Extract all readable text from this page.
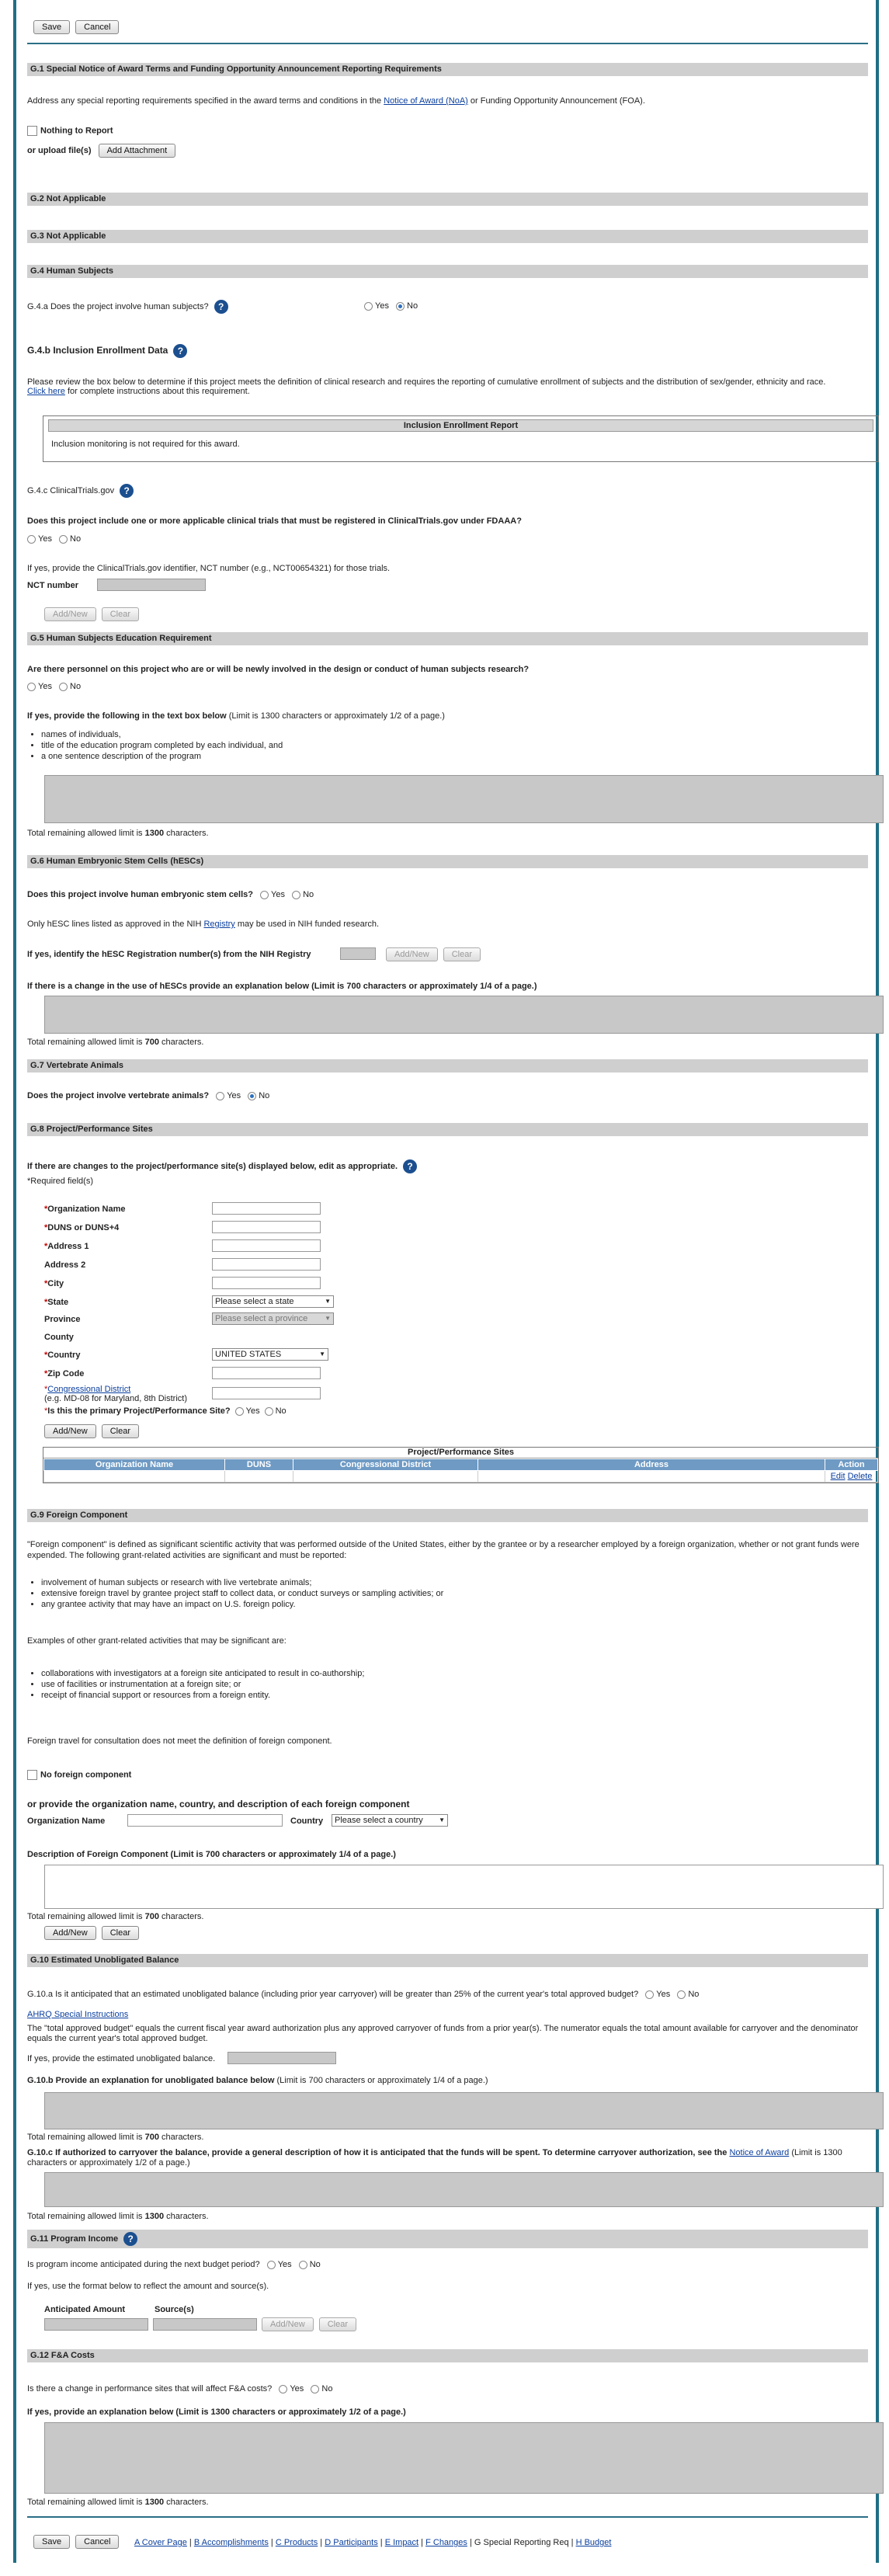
Save	Cancel
G.1 Special Notice of Award Terms and Funding Opportunity Announcement Reporting Requirements
Address any special reporting requirements specified in the award terms and conditions in the Notice of Award (NoA) or Funding Opportunity Announcement (FOA).
Nothing to Report
or upload file(s) Add Attachment
G.2 Not Applicable
G.3 Not Applicable
G.4 Human Subjects
G.4.a Does the project involve human subjects? ?	Yes No
G.4.b Inclusion Enrollment Data ?
Please review the box below to determine if this project meets the definition of clinical research and requires the reporting of cumulative enrollment of subjects and the distribution of sex/gender, ethnicity and race.
Click here for complete instructions about this requirement.
Inclusion Enrollment Report
Inclusion monitoring is not required for this award.
G.4.c ClinicalTrials.gov ?
Does this project include one or more applicable clinical trials that must be registered in ClinicalTrials.gov under FDAAA?
Yes No
If yes, provide the ClinicalTrials.gov identifier, NCT number (e.g., NCT00654321) for those trials.
NCT number
Add/New	Clear
G.5 Human Subjects Education Requirement
Are there personnel on this project who are or will be newly involved in the design or conduct of human subjects research?
Yes No
If yes, provide the following in the text box below (Limit is 1300 characters or approximately 1/2 of a page.)
• names of individuals,
• title of the education program completed by each individual, and
• a one sentence description of the program
Total remaining allowed limit is 1300 characters.
G.6 Human Embryonic Stem Cells (hESCs)
Does this project involve human embryonic stem cells? Yes No
Only hESC lines listed as approved in the NIH Registry may be used in NIH funded research.
If yes, identify the hESC Registration number(s) from the NIH Registry	Add/New	Clear
If there is a change in the use of hESCs provide an explanation below (Limit is 700 characters or approximately 1/4 of a page.)
Total remaining allowed limit is 700 characters.
G.7 Vertebrate Animals
Does the project involve vertebrate animals? Yes No
G.8 Project/Performance Sites
If there are changes to the project/performance site(s) displayed below, edit as appropriate. ?
*Required field(s)
*Organization Name
*DUNS or DUNS+4
*Address 1
Address 2
*City
*State	Please select a state	▼
Province	Please select a province	▼
County
*Country	UNITED STATES	▼
*Zip Code
*Congressional District
(e.g. MD-08 for Maryland, 8th District)
*Is this the primary Project/Performance Site? Yes No
Add/New	Clear
Project/Performance Sites
Organization Name	DUNS	Congressional District	Address	Action
				Edit Delete
G.9 Foreign Component
"Foreign component" is defined as significant scientific activity that was performed outside of the United States, either by the grantee or by a researcher employed by a foreign organization, whether or not grant funds were expended. The following grant-related activities are significant and must be reported:
• involvement of human subjects or research with live vertebrate animals;
• extensive foreign travel by grantee project staff to collect data, or conduct surveys or sampling activities; or
• any grantee activity that may have an impact on U.S. foreign policy.
Examples of other grant-related activities that may be significant are:
• collaborations with investigators at a foreign site anticipated to result in co-authorship;
• use of facilities or instrumentation at a foreign site; or
• receipt of financial support or resources from a foreign entity.
Foreign travel for consultation does not meet the definition of foreign component.
No foreign component
or provide the organization name, country, and description of each foreign component
Organization Name	Country	Please select a country	▼
Description of Foreign Component (Limit is 700 characters or approximately 1/4 of a page.)
Total remaining allowed limit is 700 characters.
Add/New	Clear
G.10 Estimated Unobligated Balance
G.10.a Is it anticipated that an estimated unobligated balance (including prior year carryover) will be greater than 25% of the current year's total approved budget? Yes No
AHRQ Special Instructions
The "total approved budget" equals the current fiscal year award authorization plus any approved carryover of funds from a prior year(s). The numerator equals the total amount available for carryover and the denominator equals the current year's total approved budget.
If yes, provide the estimated unobligated balance.
G.10.b Provide an explanation for unobligated balance below (Limit is 700 characters or approximately 1/4 of a page.)
Total remaining allowed limit is 700 characters.
G.10.c If authorized to carryover the balance, provide a general description of how it is anticipated that the funds will be spent. To determine carryover authorization, see the Notice of Award (Limit is 1300 characters or approximately 1/2 of a page.)
Total remaining allowed limit is 1300 characters.
G.11 Program Income ?
Is program income anticipated during the next budget period? Yes No
If yes, use the format below to reflect the amount and source(s).
Anticipated Amount	Source(s)
Add/New	Clear
G.12 F&A Costs
Is there a change in performance sites that will affect F&A costs? Yes No
If yes, provide an explanation below (Limit is 1300 characters or approximately 1/2 of a page.)
Total remaining allowed limit is 1300 characters.
Save	Cancel	A Cover Page | B Accomplishments | C Products | D Participants | E Impact | F Changes | G Special Reporting Req | H Budget
